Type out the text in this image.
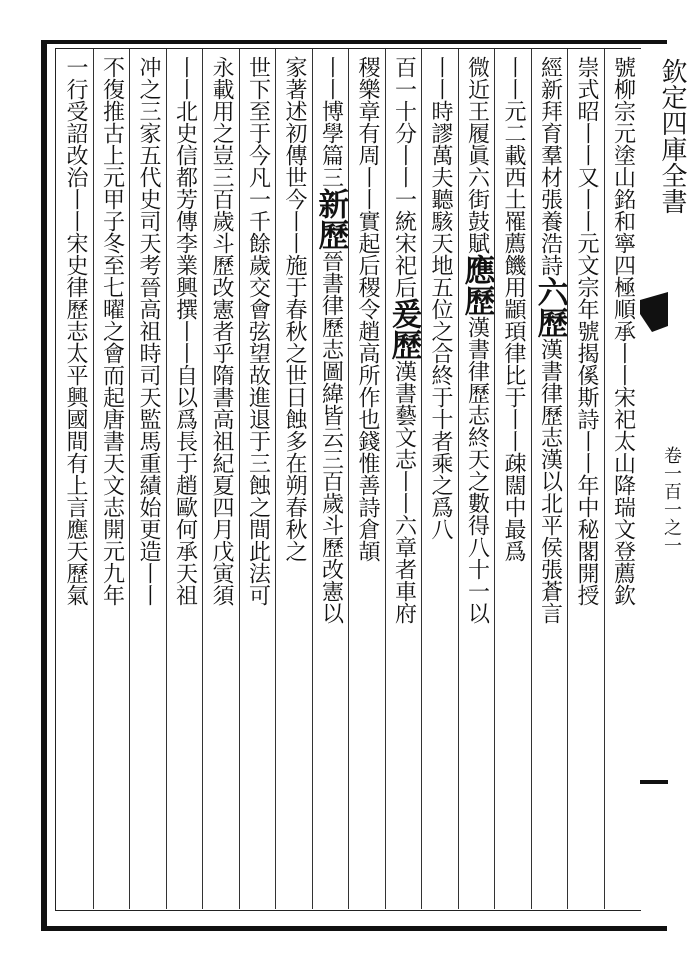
欽定四庫全書
卷一百一之一
號柳宗元塗山銘和寧四極順承丨丨宋祀太山降瑞文登薦欽
崇式昭丨丨又丨丨元文宗年號揭傒斯詩丨丨年中秘閣開授
經新拜育羣材張養浩詩
六歷
漢書律歷志漢以北平侯張蒼言
丨丨元二載西土罹薦饑
用顓頊律比于丨丨疎闊中最爲
微近王履眞六街鼓賦
應歷
漢書律歷志終天之數得八十一以
丨丨時謬萬夫聽駭
天地五位之合終于十者乘之爲八
百一十分丨丨一統宋祀后
爰歷
漢書藝文志丨丨六章者車府
稷樂章有周丨丨實起后稷
令趙高所作也錢惟善詩倉頡
丨丨博學篇三
新歷
晉書律歷志圖緯皆云三百歲斗歷改憲以
家著述初傳世
今丨丨施于春秋之世日蝕多在朔春秋之
世下至于今凡一千餘歲交會弦望故進退于三蝕之間此法可
永載用之豈三百歲斗歷改憲者乎隋書高祖紀夏四月戊寅須
丨丨北史信都芳傳李業興撰丨丨自以爲長于趙歐何承天祖
冲之三家五代史司天考晉高祖時司天監馬重績始更造丨丨
不復推古上元甲子冬至七曜之會而起唐書天文志開元九年
一行受詔改治丨丨宋史律歷志太平興國間有上言應天歷氣
